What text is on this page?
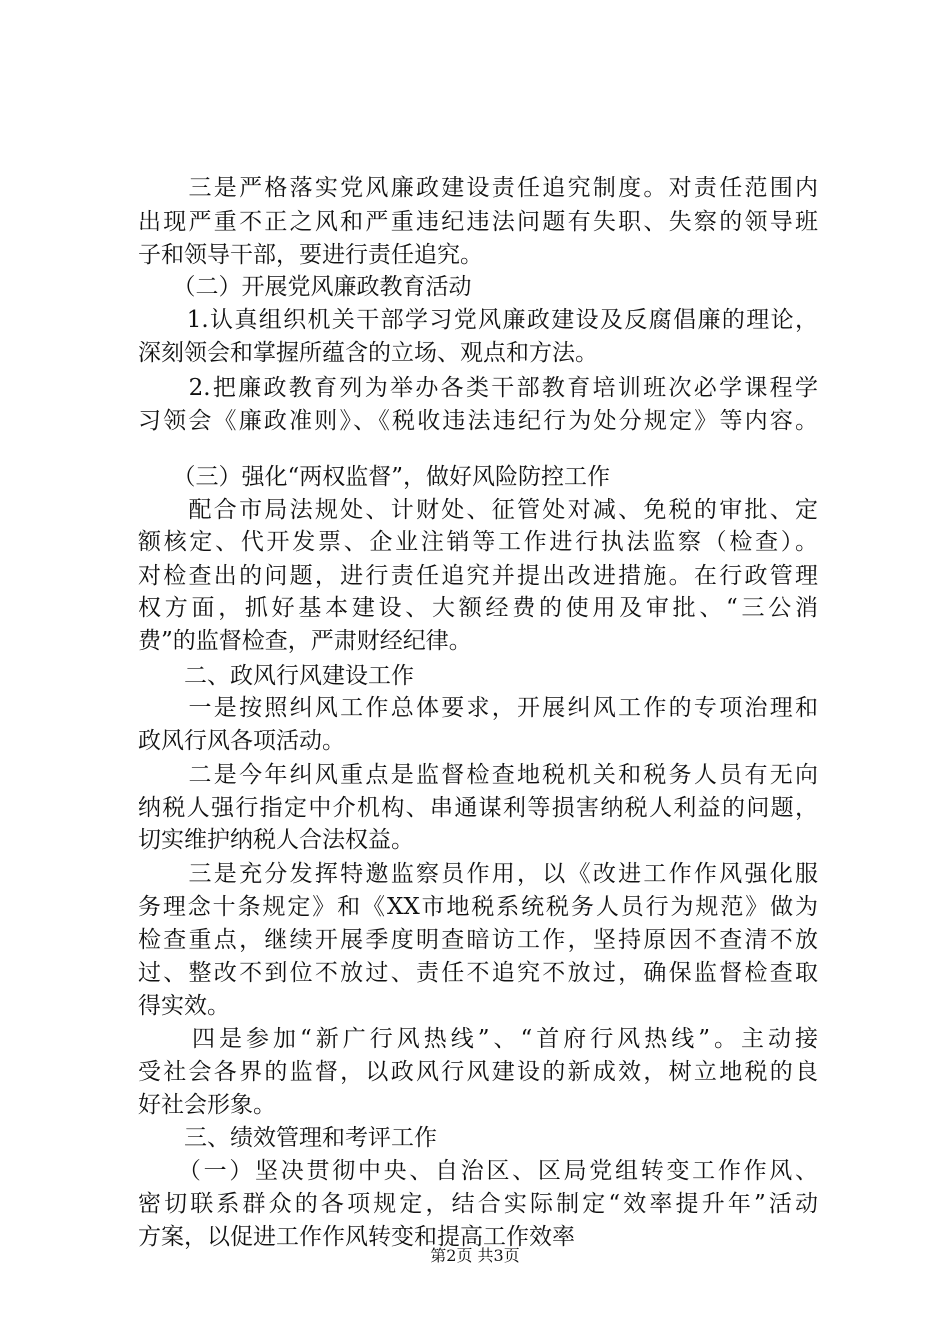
　　三是严格落实党风廉政建设责任追究制度。对责任范围内
出现严重不正之风和严重违纪违法问题有失职、失察的领导班
子和领导干部，要进行责任追究。
　　（二）开展党风廉政教育活动
　　1.认真组织机关干部学习党风廉政建设及反腐倡廉的理论，
深刻领会和掌握所蕴含的立场、观点和方法。
　　2.把廉政教育列为举办各类干部教育培训班次必学课程学
习领会《廉政准则》、《税收违法违纪行为处分规定》等内容。
　　（三）强化“两权监督”，做好风险防控工作
　　配合市局法规处、计财处、征管处对减、免税的审批、定
额核定、代开发票、企业注销等工作进行执法监察（检查）。
对检查出的问题，进行责任追究并提出改进措施。在行政管理
权方面，抓好基本建设、大额经费的使用及审批、“三公消
费”的监督检查，严肃财经纪律。
　　二、政风行风建设工作
　　一是按照纠风工作总体要求，开展纠风工作的专项治理和
政风行风各项活动。
　　二是今年纠风重点是监督检查地税机关和税务人员有无向
纳税人强行指定中介机构、串通谋利等损害纳税人利益的问题，
切实维护纳税人合法权益。
　　三是充分发挥特邀监察员作用，以《改进工作作风强化服
务理念十条规定》和《XX市地税系统税务人员行为规范》做为
检查重点，继续开展季度明查暗访工作，坚持原因不查清不放
过、整改不到位不放过、责任不追究不放过，确保监督检查取
得实效。
　　四是参加“新广行风热线”、“首府行风热线”。主动接
受社会各界的监督，以政风行风建设的新成效，树立地税的良
好社会形象。
　　三、绩效管理和考评工作
　　（一）坚决贯彻中央、自治区、区局党组转变工作作风、
密切联系群众的各项规定，结合实际制定“效率提升年”活动
方案，以促进工作作风转变和提高工作效率
第2页 共3页
